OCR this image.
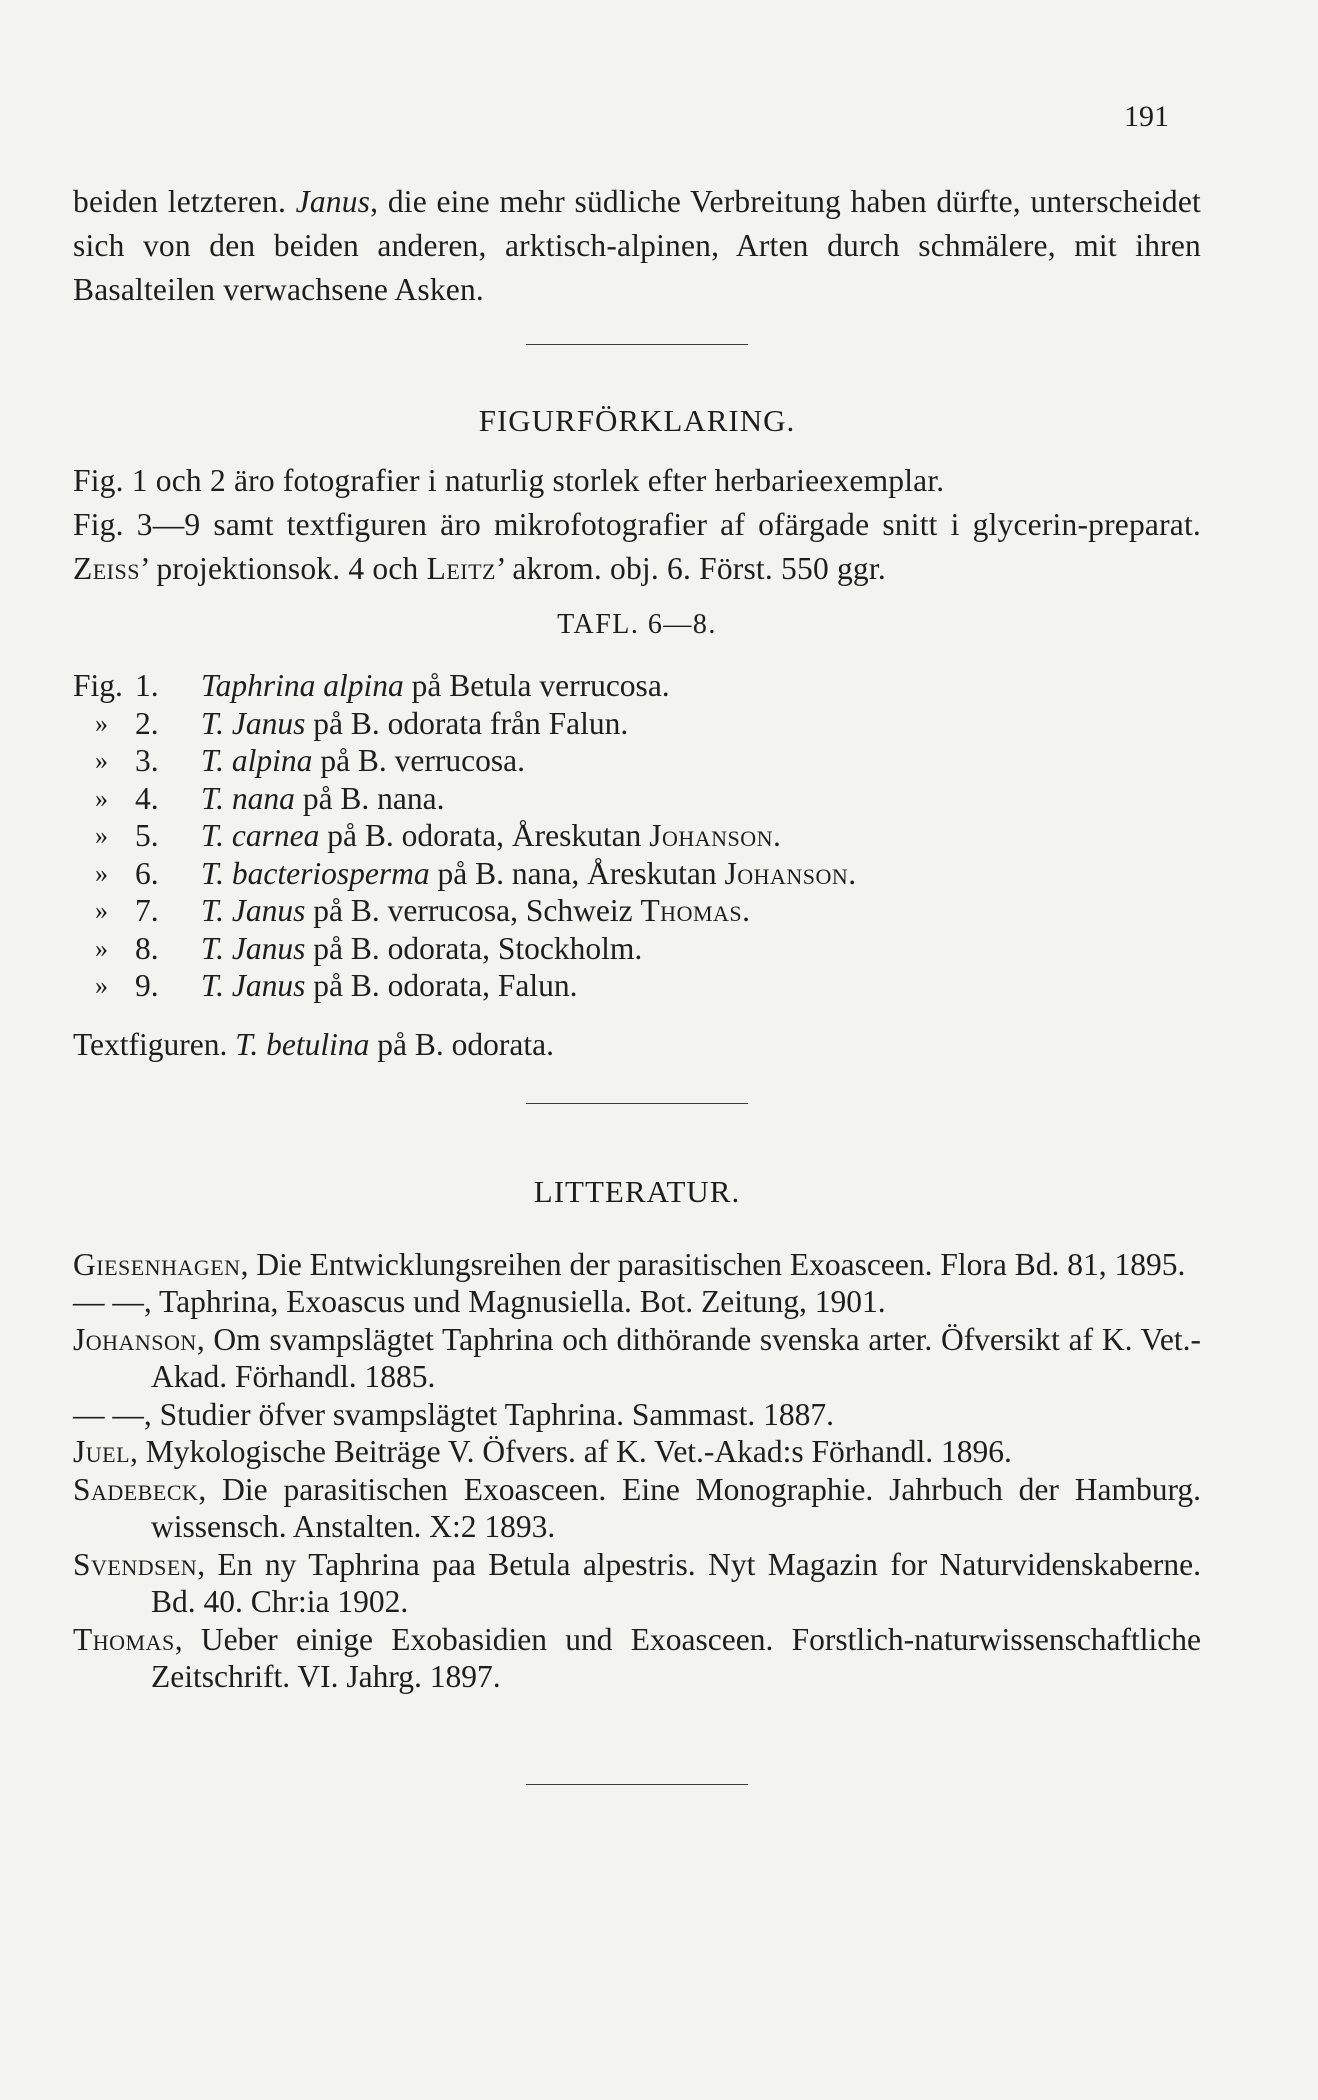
191

beiden letzteren. Janus, die eine mehr südliche Verbreitung haben dürfte, unterscheidet sich von den beiden anderen, arktisch-alpinen, Arten durch schmälere, mit ihren Basalteilen verwachsene Asken.

FIGURFÖRKLARING.

Fig. 1 och 2 äro fotografier i naturlig storlek efter herbarieexemplar.

Fig. 3—9 samt textfiguren äro mikrofotografier af ofärgade snitt i glycerin-preparat. Zeiss’ projektionsok. 4 och Leitz’ akrom. obj. 6. Först. 550 ggr.

TAFL. 6—8.
Fig. 1.	Taphrina alpina på Betula verrucosa.
» 2.	T. Janus på B. odorata från Falun.
» 3.	T. alpina på B. verrucosa.
» 4.	T. nana på B. nana.
» 5.	T. carnea på B. odorata, Åreskutan Johanson.
» 6.	T. bacteriosperma på B. nana, Åreskutan Johanson.
» 7.	T. Janus på B. verrucosa, Schweiz Thomas.
» 8.	T. Janus på B. odorata, Stockholm.
» 9.	T. Janus på B. odorata, Falun.
Textfiguren. T. betulina på B. odorata.
LITTERATUR.
Giesenhagen, Die Entwicklungsreihen der parasitischen Exoasceen. Flora Bd. 81, 1895.
— —, Taphrina, Exoascus und Magnusiella. Bot. Zeitung, 1901.
Johanson, Om svampslägtet Taphrina och dithörande svenska arter. Öfversikt af K. Vet.-Akad. Förhandl. 1885.
— —, Studier öfver svampslägtet Taphrina. Sammast. 1887.
Juel, Mykologische Beiträge V. Öfvers. af K. Vet.-Akad:s Förhandl. 1896.
Sadebeck, Die parasitischen Exoasceen. Eine Monographie. Jahrbuch der Hamburg. wissensch. Anstalten. X:2 1893.
Svendsen, En ny Taphrina paa Betula alpestris. Nyt Magazin for Naturvidenskaberne. Bd. 40. Chr:ia 1902.
Thomas, Ueber einige Exobasidien und Exoasceen. Forstlich-naturwissenschaftliche Zeitschrift. VI. Jahrg. 1897.
